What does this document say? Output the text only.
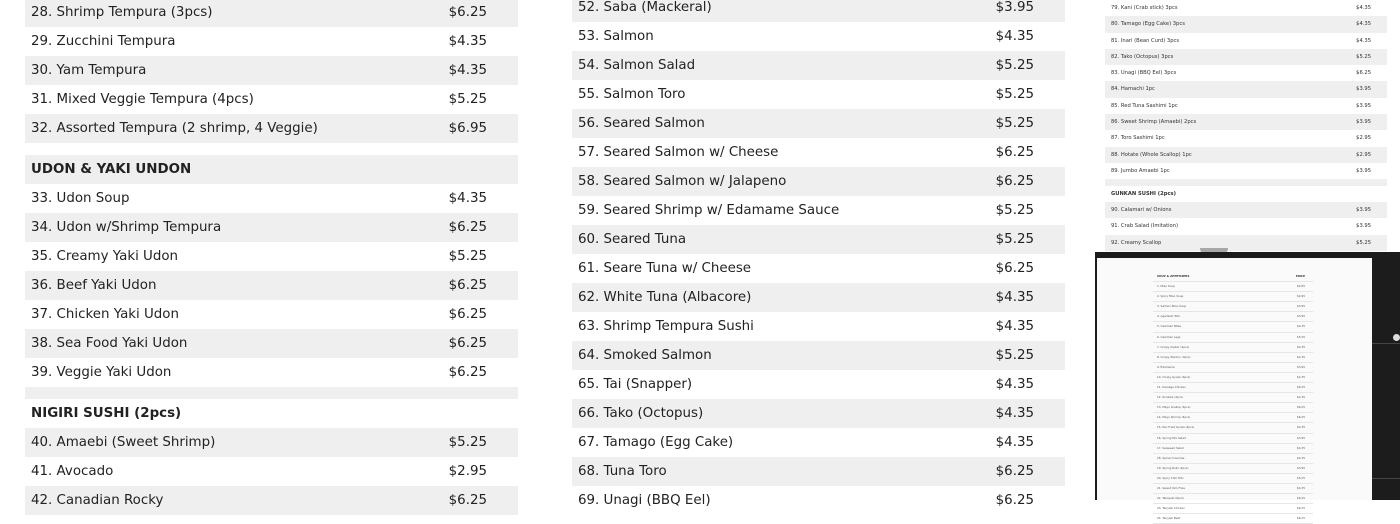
28. Shrimp Tempura (3pcs)	$6.25
29. Zucchini Tempura	$4.35
30. Yam Tempura	$4.35
31. Mixed Veggie Tempura (4pcs)	$5.25
32. Assorted Tempura (2 shrimp, 4 Veggie)	$6.95
UDON & YAKI UNDON
33. Udon Soup	$4.35
34. Udon w/Shrimp Tempura	$6.25
35. Creamy Yaki Udon	$5.25
36. Beef Yaki Udon	$6.25
37. Chicken Yaki Udon	$6.25
38. Sea Food Yaki Udon	$6.25
39. Veggie Yaki Udon	$6.25
NIGIRI SUSHI (2pcs)
40. Amaebi (Sweet Shrimp)	$5.25
41. Avocado	$2.95
42. Canadian Rocky	$6.25
52. Saba (Mackeral)	$3.95
53. Salmon	$4.35
54. Salmon Salad	$5.25
55. Salmon Toro	$5.25
56. Seared Salmon	$5.25
57. Seared Salmon w/ Cheese	$6.25
58. Seared Salmon w/ Jalapeno	$6.25
59. Seared Shrimp w/ Edamame Sauce	$5.25
60. Seared Tuna	$5.25
61. Seare Tuna w/ Cheese	$6.25
62. White Tuna (Albacore)	$4.35
63. Shrimp Tempura Sushi	$4.35
64. Smoked Salmon	$5.25
65. Tai (Snapper)	$4.35
66. Tako (Octopus)	$4.35
67. Tamago (Egg Cake)	$4.35
68. Tuna Toro	$6.25
69. Unagi (BBQ Eel)	$6.25
79. Kani (Crab stick) 3pcs	$4.35
80. Tamago (Egg Cake) 3pcs	$4.35
81. Inari (Bean Curd) 3pcs	$4.35
82. Tako (Octopus) 3pcs	$5.25
83. Unagi (BBQ Eel) 3pcs	$6.25
84. Hamachi 1pc	$3.95
85. Red Tuna Sashimi 1pc	$3.95
86. Sweet Shrimp (Amaebi) 2pcs	$3.95
87. Toro Sashimi 1pc	$2.95
88. Hotate (Whole Scallop) 1pc	$2.95
89. Jumbo Amaebi 1pc	$3.95
GUNKAN SUSHI (2pcs)
90. Calamari w/ Onions	$3.95
91. Crab Salad (Imitation)	$3.95
92. Creamy Scallop	$5.25
SOUP & APPETIZERS	PRICE
1. Miso Soup	$2.95
2. Spicy Miso Soup	$2.95
3. Salmon Miso Soup	$3.95
4. Agedashi Tofu	$3.95
5. Calamari Bites	$4.35
6. Calamari Legs	$5.25
7. Crispy Oyster (2pcs)	$4.35
8. Crispy Wonton (4pcs)	$4.35
9. Edamame	$3.95
10. Crispy Gyoza (4pcs)	$4.35
11. Karaage Chicken	$6.25
12. Korokke (2pcs)	$4.35
13. Mayo Scallop (4pcs)	$6.25
14. Mayo Shrimp (4pcs)	$6.25
15. Pan Fried Gyoza (4pcs)	$4.35
16. Spring Mix Salad	$3.95
17. Seaweed Salad	$4.35
18. Spinach Gomae	$4.35
19. Spring Rolls (2pcs)	$3.95
20. Spicy Chili Tofu	$5.25
21. Sweet Yam Fries	$4.35
22. Takoyaki (6pcs)	$6.25
23. Teriyaki Chicken	$6.25
24. Teriyaki Beef	$6.25
